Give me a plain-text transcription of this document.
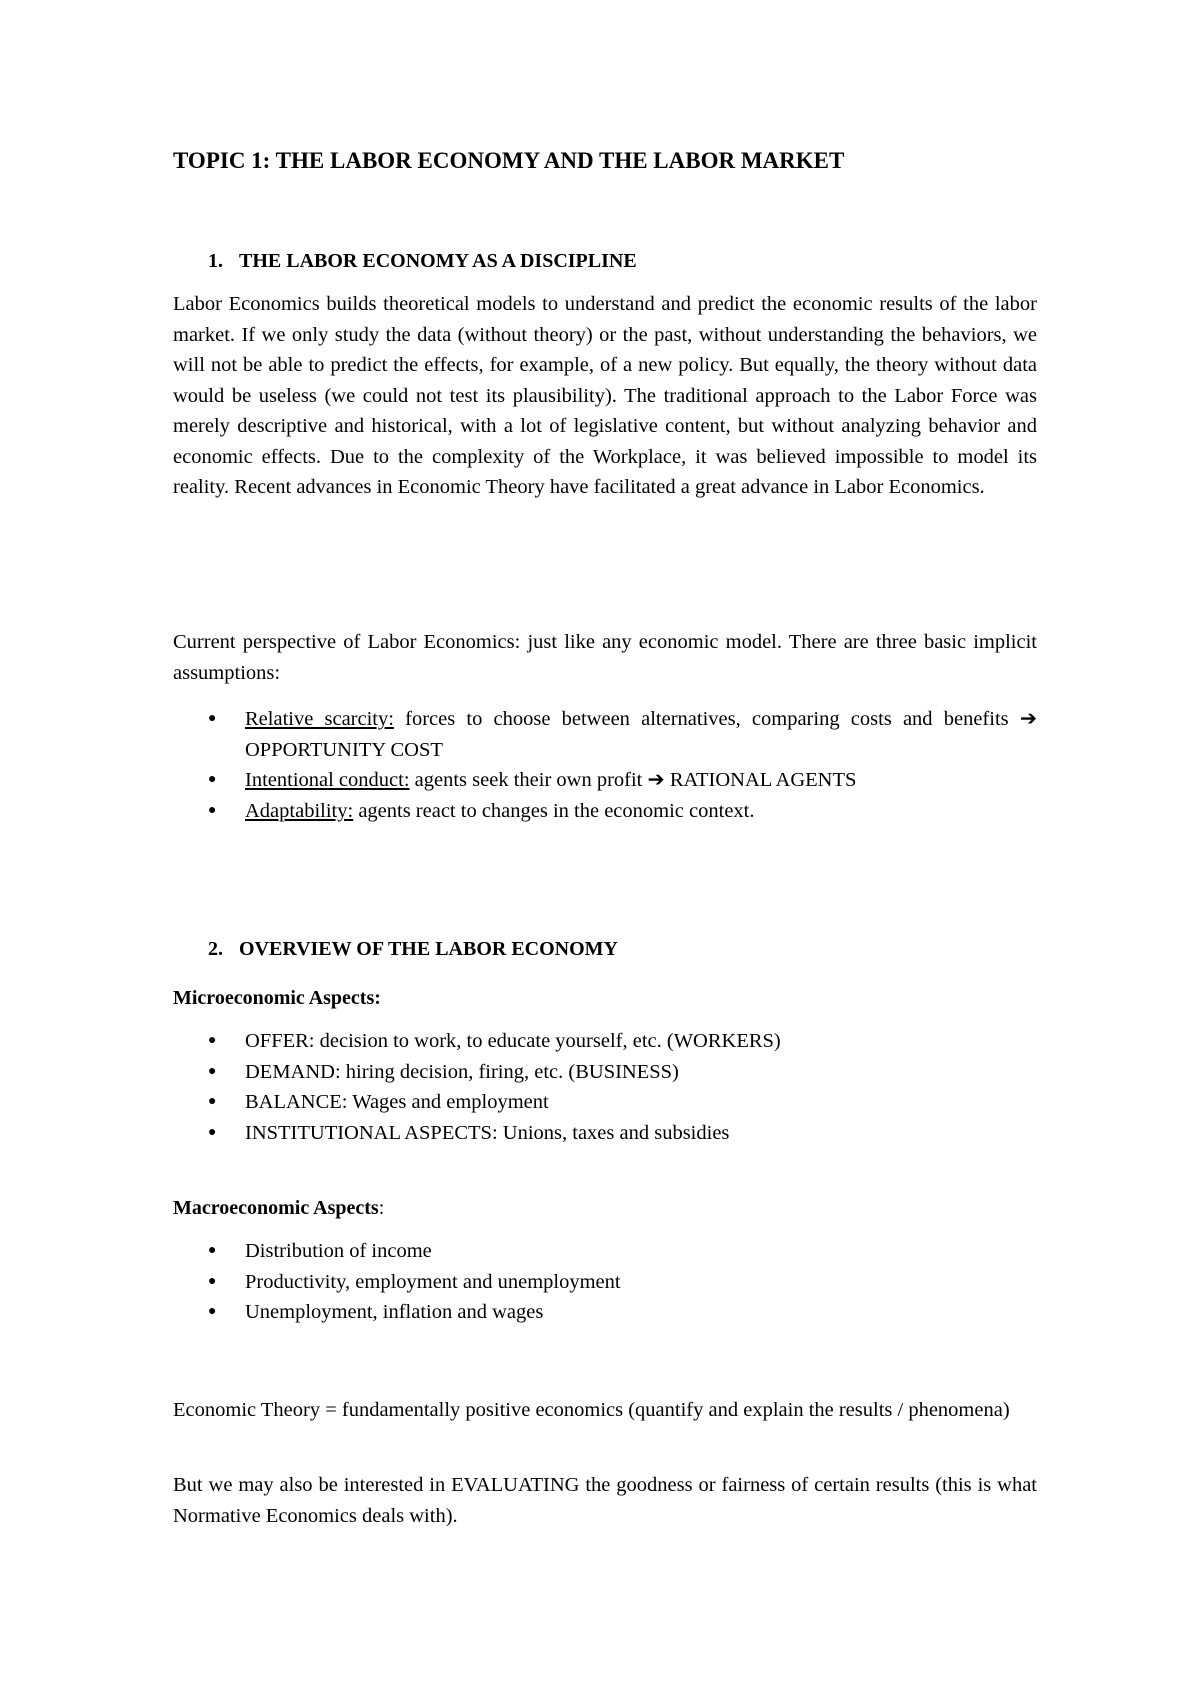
TOPIC 1: THE LABOR ECONOMY AND THE LABOR MARKET
1. THE LABOR ECONOMY AS A DISCIPLINE
Labor Economics builds theoretical models to understand and predict the economic results of the labor market. If we only study the data (without theory) or the past, without understanding the behaviors, we will not be able to predict the effects, for example, of a new policy. But equally, the theory without data would be useless (we could not test its plausibility). The traditional approach to the Labor Force was merely descriptive and historical, with a lot of legislative content, but without analyzing behavior and economic effects. Due to the complexity of the Workplace, it was believed impossible to model its reality. Recent advances in Economic Theory have facilitated a great advance in Labor Economics.
Current perspective of Labor Economics: just like any economic model. There are three basic implicit assumptions:
● Relative scarcity: forces to choose between alternatives, comparing costs and benefits ➔ OPPORTUNITY COST
● Intentional conduct: agents seek their own profit ➔ RATIONAL AGENTS
● Adaptability: agents react to changes in the economic context.
2. OVERVIEW OF THE LABOR ECONOMY
Microeconomic Aspects:
● OFFER: decision to work, to educate yourself, etc. (WORKERS)
● DEMAND: hiring decision, firing, etc. (BUSINESS)
● BALANCE: Wages and employment
● INSTITUTIONAL ASPECTS: Unions, taxes and subsidies
Macroeconomic Aspects:
● Distribution of income
● Productivity, employment and unemployment
● Unemployment, inflation and wages
Economic Theory = fundamentally positive economics (quantify and explain the results / phenomena)
But we may also be interested in EVALUATING the goodness or fairness of certain results (this is what Normative Economics deals with).
